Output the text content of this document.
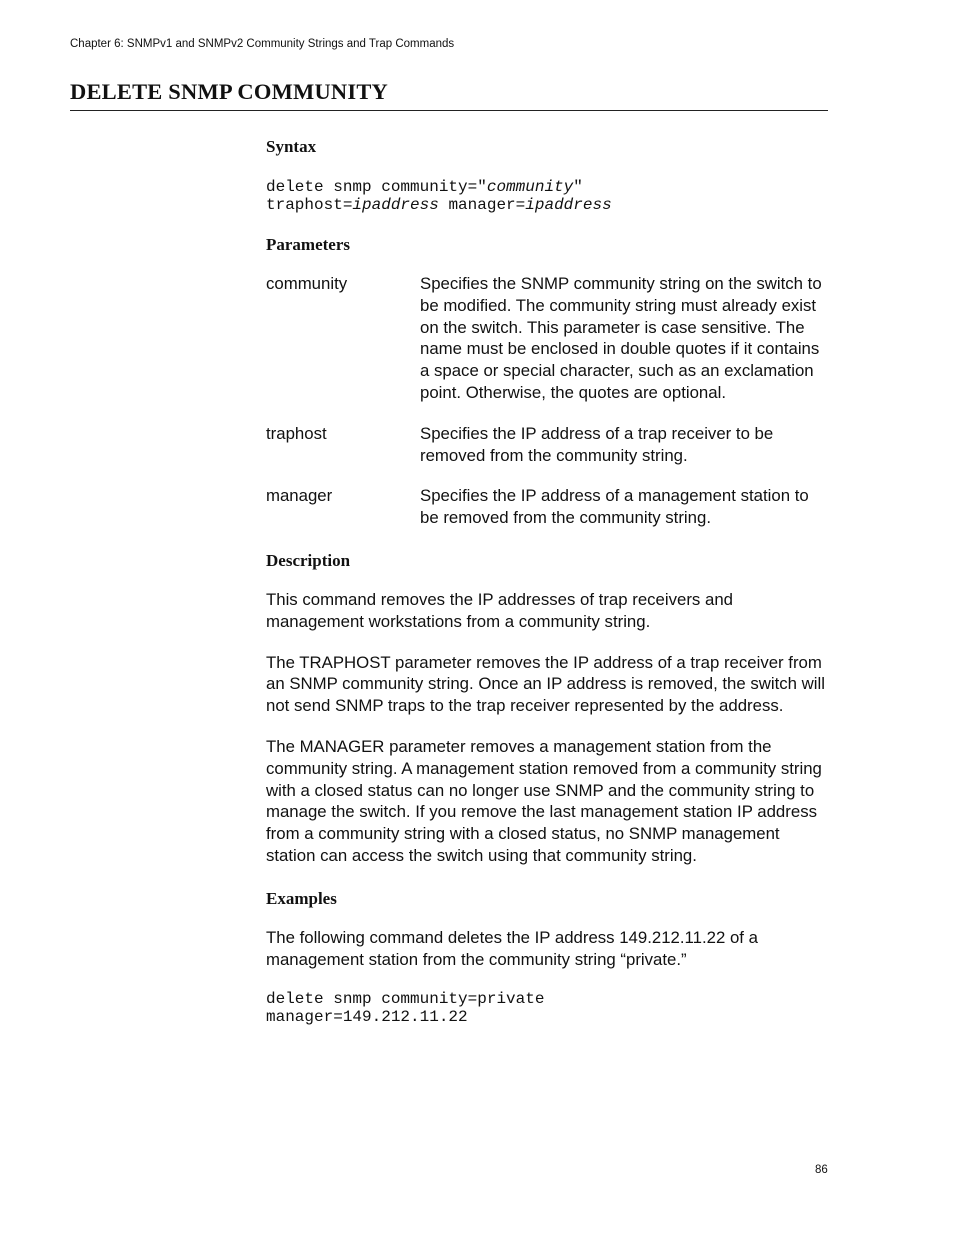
Chapter 6: SNMPv1 and SNMPv2 Community Strings and Trap Commands
DELETE SNMP COMMUNITY
Syntax
delete snmp community="community"
traphost=ipaddress manager=ipaddress
Parameters
community	Specifies the SNMP community string on the switch to be modified. The community string must already exist on the switch. This parameter is case sensitive. The name must be enclosed in double quotes if it contains a space or special character, such as an exclamation point. Otherwise, the quotes are optional.
traphost	Specifies the IP address of a trap receiver to be removed from the community string.
manager	Specifies the IP address of a management station to be removed from the community string.
Description

This command removes the IP addresses of trap receivers and management workstations from a community string.

The TRAPHOST parameter removes the IP address of a trap receiver from an SNMP community string. Once an IP address is removed, the switch will not send SNMP traps to the trap receiver represented by the address.

The MANAGER parameter removes a management station from the community string. A management station removed from a community string with a closed status can no longer use SNMP and the community string to manage the switch. If you remove the last management station IP address from a community string with a closed status, no SNMP management station can access the switch using that community string.

Examples

The following command deletes the IP address 149.212.11.22 of a management station from the community string “private.”

delete snmp community=private
manager=149.212.11.22
86
